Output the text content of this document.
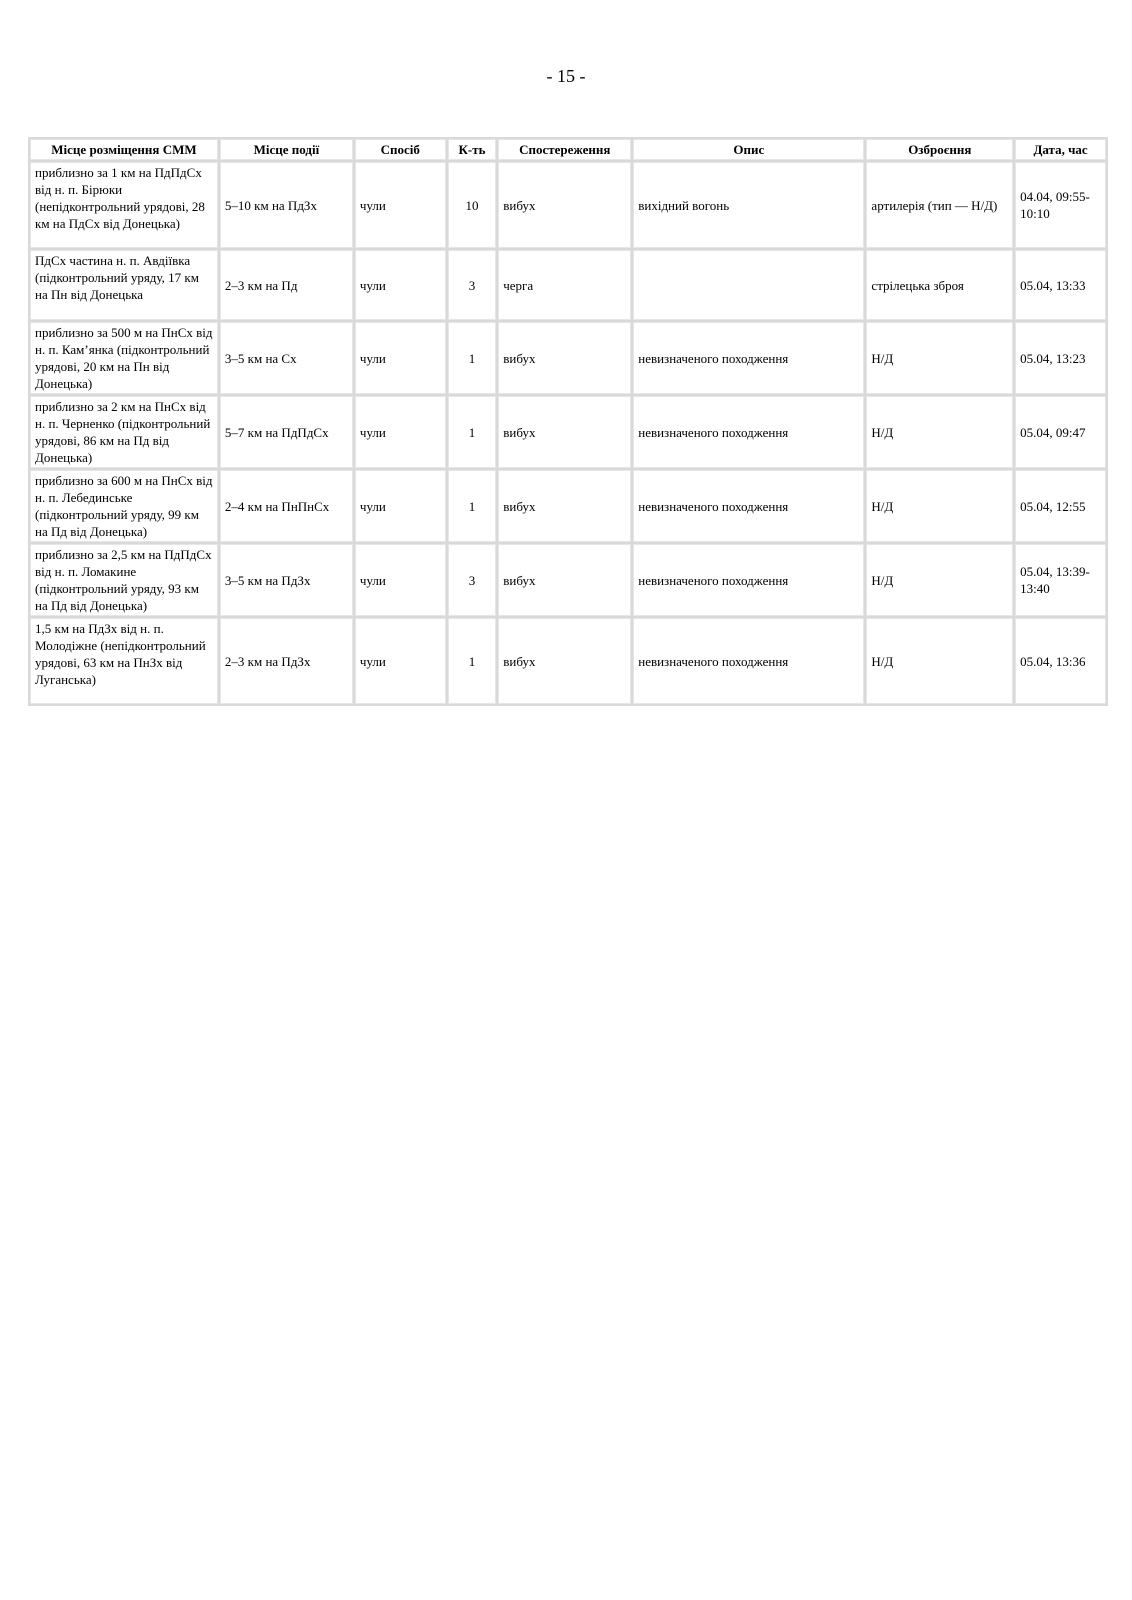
- 15 -
Місце розміщення СММ	Місце події	Спосіб	К-ть	Спостереження	Опис	Озброєння	Дата, час
приблизно за 1 км на ПдПдСх від н. п. Бірюки (непідконтрольний урядові, 28 км на ПдСх від Донецька)	5–10 км на ПдЗх	чули	10	вибух	вихідний вогонь	артилерія (тип — Н/Д)	04.04, 09:55-10:10
ПдСх частина н. п. Авдіївка (підконтрольний уряду, 17 км на Пн від Донецька	2–3 км на Пд	чули	3	черга		стрілецька зброя	05.04, 13:33
приблизно за 500 м на ПнСх від н. п. Кам’янка (підконтрольний урядові, 20 км на Пн від Донецька)	3–5 км на Сх	чули	1	вибух	невизначеного походження	Н/Д	05.04, 13:23
приблизно за 2 км на ПнСх від н. п. Черненко (підконтрольний урядові, 86 км на Пд від Донецька)	5–7 км на ПдПдСх	чули	1	вибух	невизначеного походження	Н/Д	05.04, 09:47
приблизно за 600 м на ПнСх від н. п. Лебединське (підконтрольний уряду, 99 км на Пд від Донецька)	2–4 км на ПнПнСх	чули	1	вибух	невизначеного походження	Н/Д	05.04, 12:55
приблизно за 2,5 км на ПдПдСх від н. п. Ломакине (підконтрольний уряду, 93 км на Пд від Донецька)	3–5 км на ПдЗх	чули	3	вибух	невизначеного походження	Н/Д	05.04, 13:39-13:40
1,5 км на ПдЗх від н. п. Молодіжне (непідконтрольний урядові, 63 км на ПнЗх від Луганська)	2–3 км на ПдЗх	чули	1	вибух	невизначеного походження	Н/Д	05.04, 13:36
